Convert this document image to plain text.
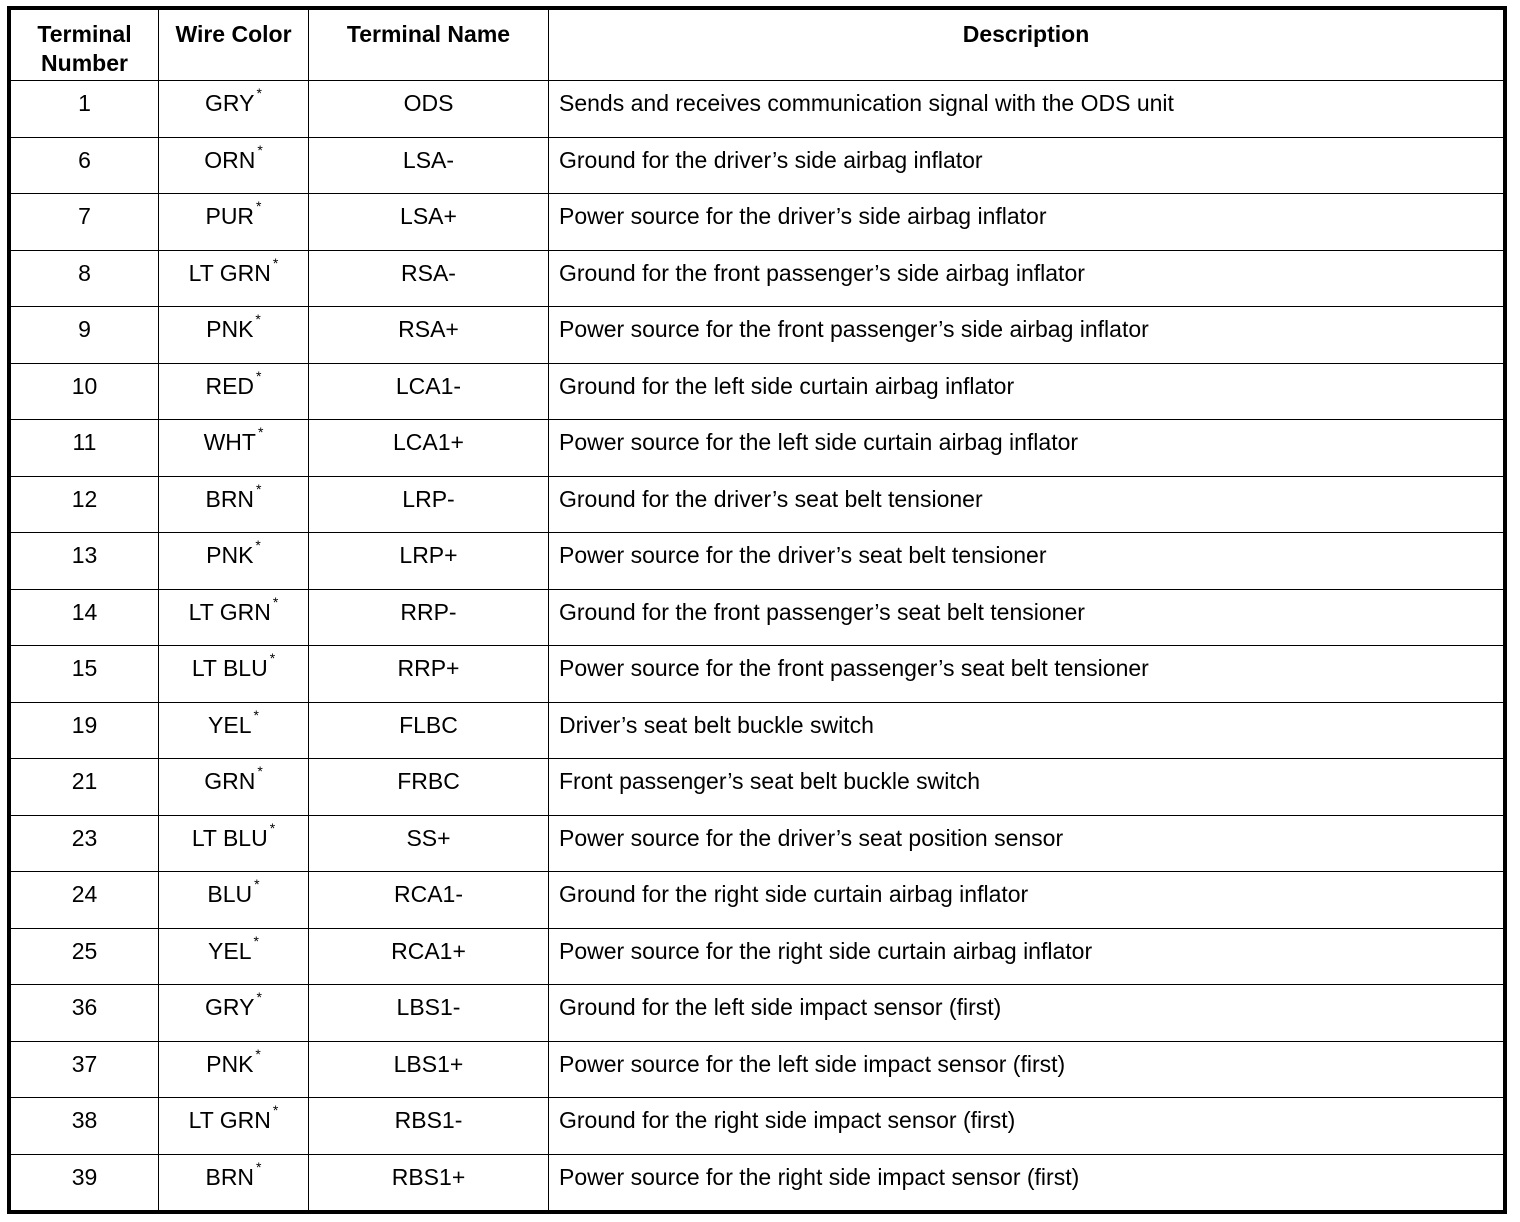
Terminal Number	Wire Color	Terminal Name	Description
1	GRY *	ODS	Sends and receives communication signal with the ODS unit
6	ORN *	LSA-	Ground for the driver’s side airbag inflator
7	PUR *	LSA+	Power source for the driver’s side airbag inflator
8	LT GRN *	RSA-	Ground for the front passenger’s side airbag inflator
9	PNK *	RSA+	Power source for the front passenger’s side airbag inflator
10	RED *	LCA1-	Ground for the left side curtain airbag inflator
11	WHT *	LCA1+	Power source for the left side curtain airbag inflator
12	BRN *	LRP-	Ground for the driver’s seat belt tensioner
13	PNK *	LRP+	Power source for the driver’s seat belt tensioner
14	LT GRN *	RRP-	Ground for the front passenger’s seat belt tensioner
15	LT BLU *	RRP+	Power source for the front passenger’s seat belt tensioner
19	YEL *	FLBC	Driver’s seat belt buckle switch
21	GRN *	FRBC	Front passenger’s seat belt buckle switch
23	LT BLU *	SS+	Power source for the driver’s seat position sensor
24	BLU *	RCA1-	Ground for the right side curtain airbag inflator
25	YEL *	RCA1+	Power source for the right side curtain airbag inflator
36	GRY *	LBS1-	Ground for the left side impact sensor (first)
37	PNK *	LBS1+	Power source for the left side impact sensor (first)
38	LT GRN *	RBS1-	Ground for the right side impact sensor (first)
39	BRN *	RBS1+	Power source for the right side impact sensor (first)
